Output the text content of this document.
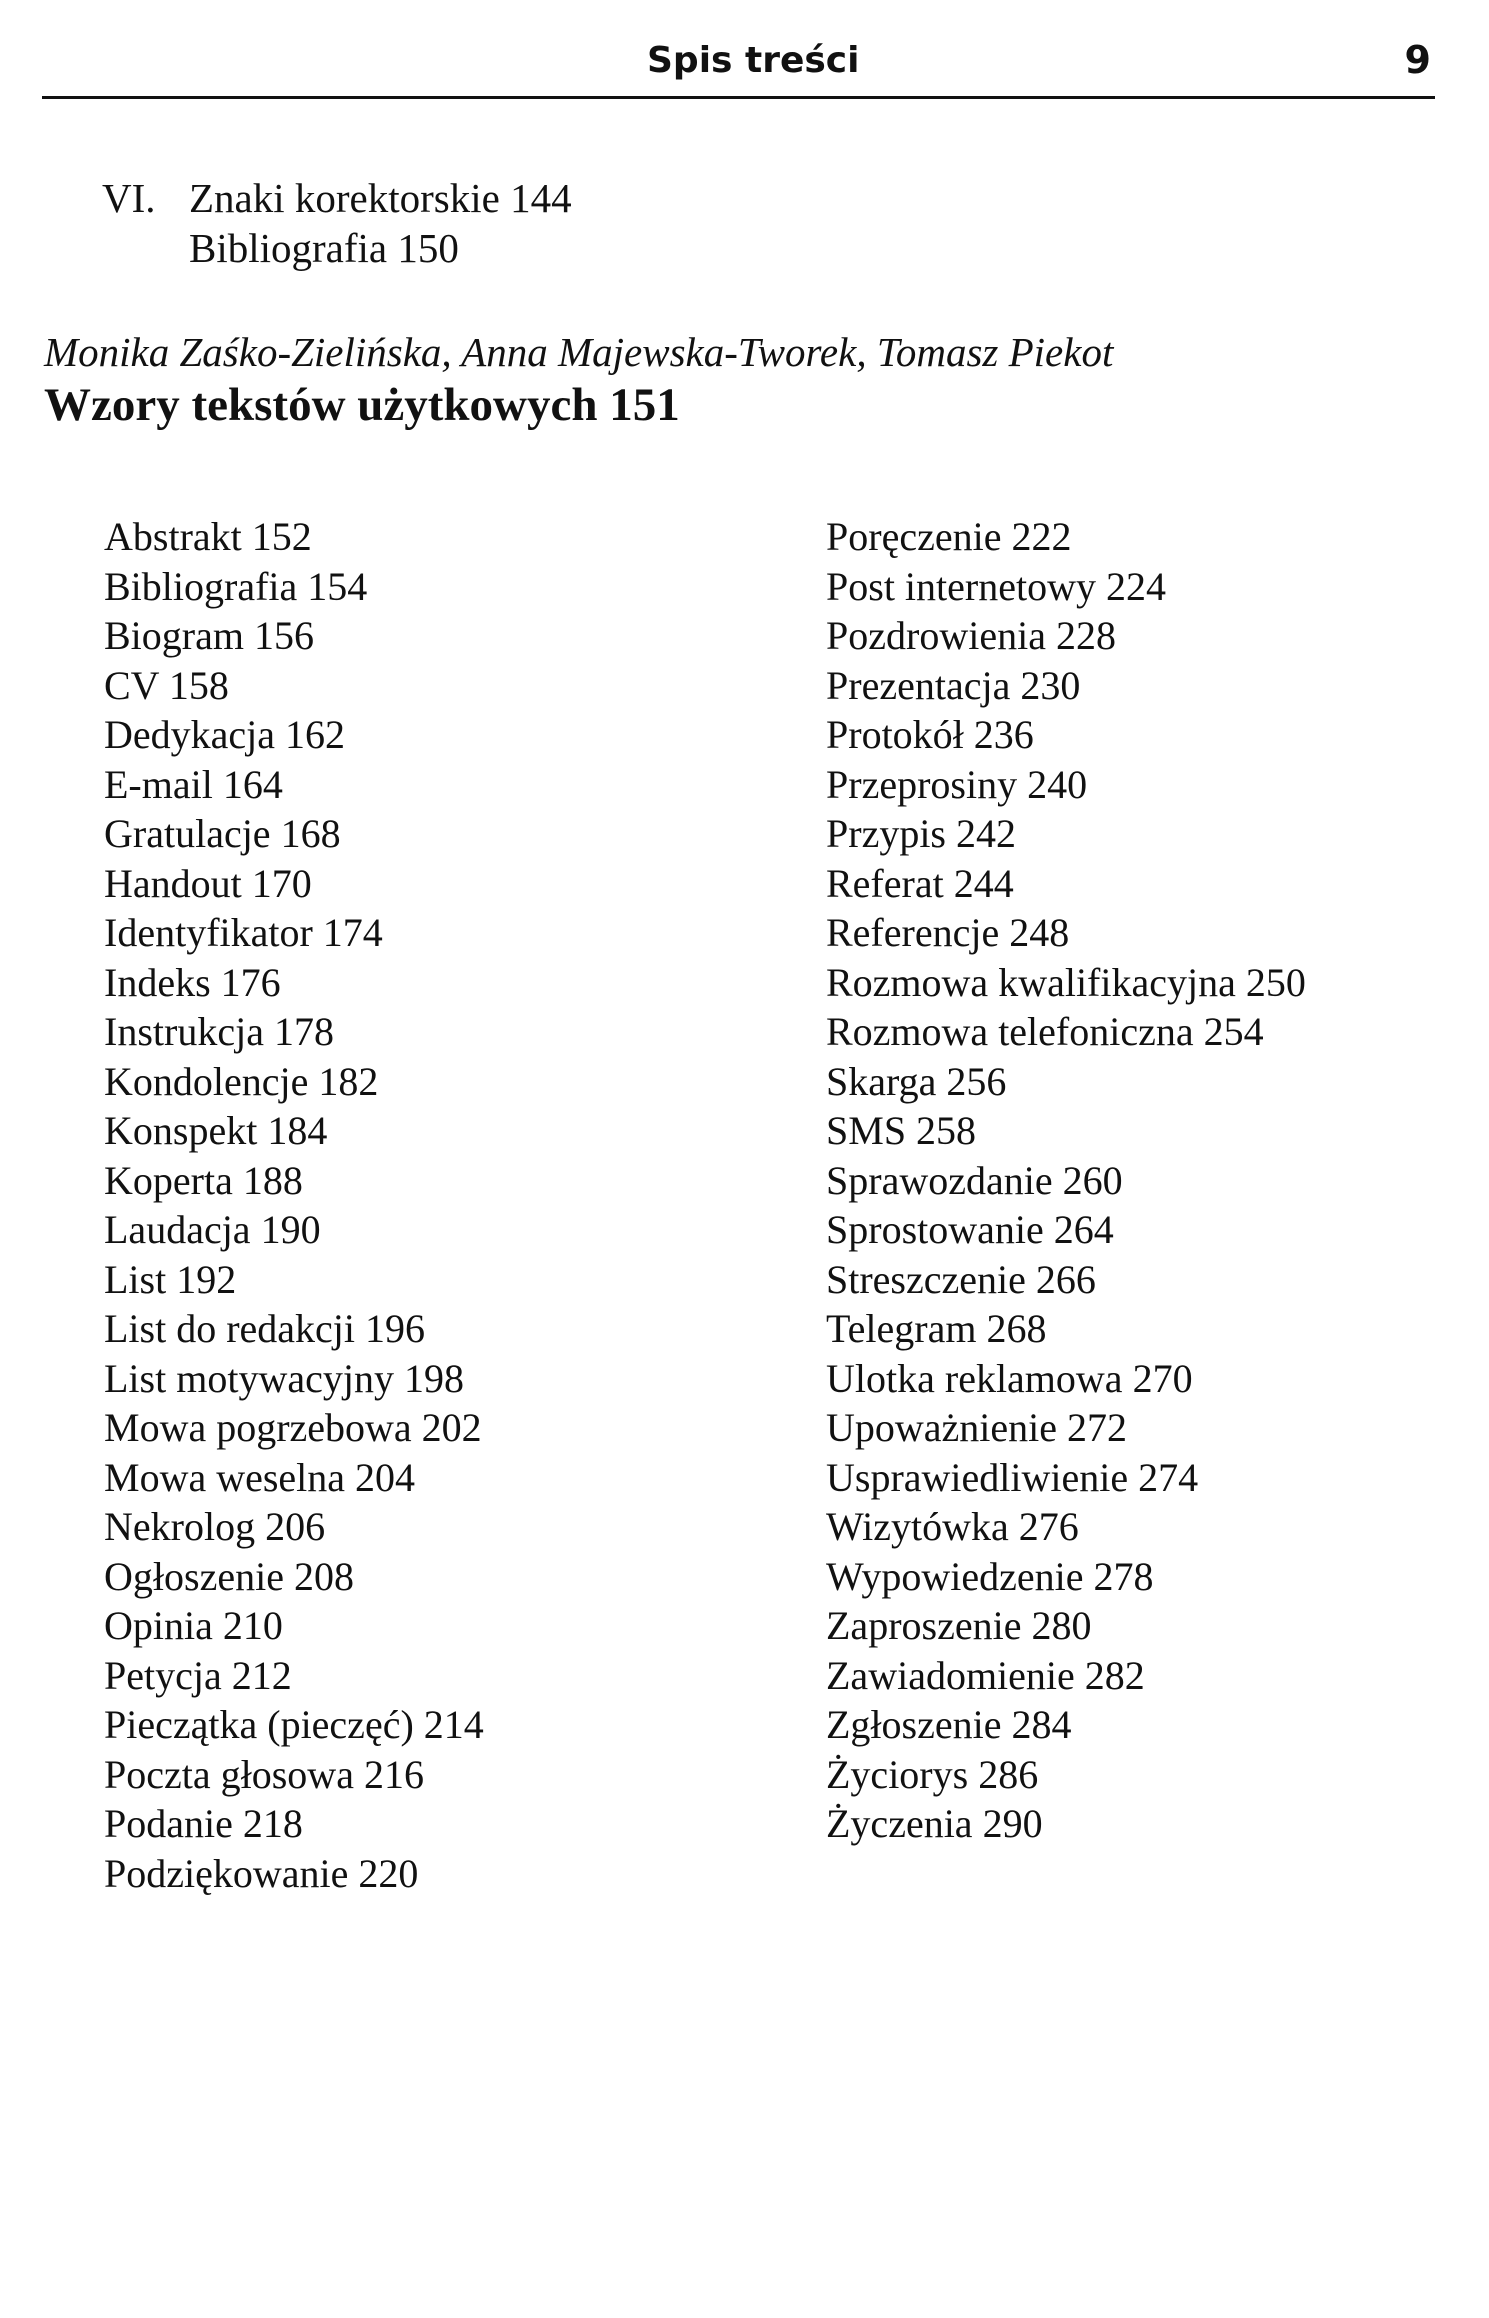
Spis treści	9
VI. Znaki korektorskie 144
Bibliografia 150
Monika Zaśko-Zielińska, Anna Majewska-Tworek, Tomasz Piekot
Wzory tekstów użytkowych 151
Abstrakt 152
Bibliografia 154
Biogram 156
CV 158
Dedykacja 162
E-mail 164
Gratulacje 168
Handout 170
Identyfikator 174
Indeks 176
Instrukcja 178
Kondolencje 182
Konspekt 184
Koperta 188
Laudacja 190
List 192
List do redakcji 196
List motywacyjny 198
Mowa pogrzebowa 202
Mowa weselna 204
Nekrolog 206
Ogłoszenie 208
Opinia 210
Petycja 212
Pieczątka (pieczęć) 214
Poczta głosowa 216
Podanie 218
Podziękowanie 220
Poręczenie 222
Post internetowy 224
Pozdrowienia 228
Prezentacja 230
Protokół 236
Przeprosiny 240
Przypis 242
Referat 244
Referencje 248
Rozmowa kwalifikacyjna 250
Rozmowa telefoniczna 254
Skarga 256
SMS 258
Sprawozdanie 260
Sprostowanie 264
Streszczenie 266
Telegram 268
Ulotka reklamowa 270
Upoważnienie 272
Usprawiedliwienie 274
Wizytówka 276
Wypowiedzenie 278
Zaproszenie 280
Zawiadomienie 282
Zgłoszenie 284
Życiorys 286
Życzenia 290
